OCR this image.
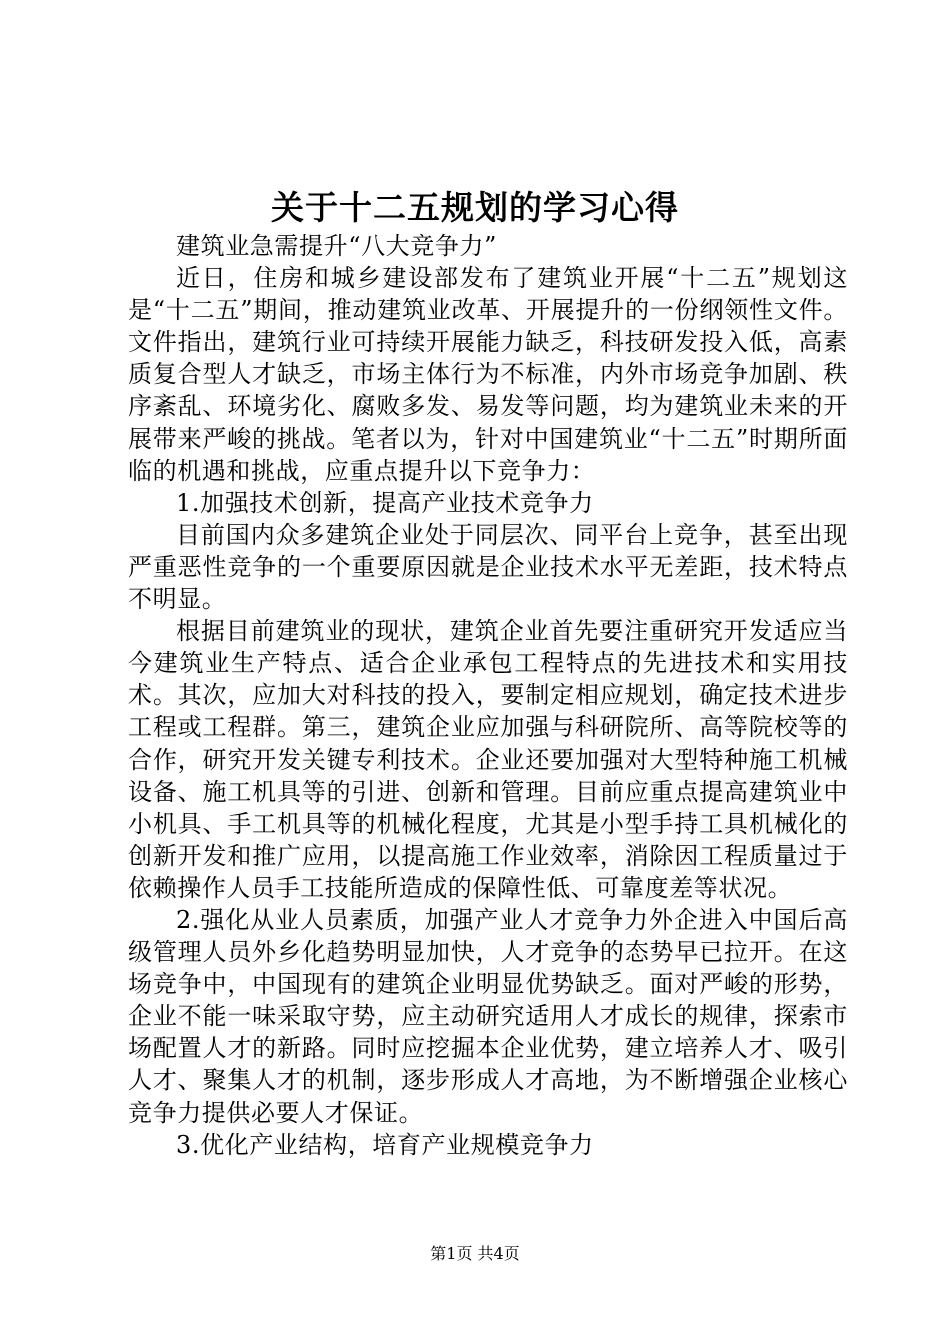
关于十二五规划的学习心得

建筑业急需提升“八大竞争力”

近日，住房和城乡建设部发布了建筑业开展“十二五”规划这是“十二五”期间，推动建筑业改革、开展提升的一份纲领性文件。文件指出，建筑行业可持续开展能力缺乏，科技研发投入低，高素质复合型人才缺乏，市场主体行为不标准，内外市场竞争加剧、秩序紊乱、环境劣化、腐败多发、易发等问题，均为建筑业未来的开展带来严峻的挑战。笔者以为，针对中国建筑业“十二五”时期所面临的机遇和挑战，应重点提升以下竞争力：

1.加强技术创新，提高产业技术竞争力

目前国内众多建筑企业处于同层次、同平台上竞争，甚至出现严重恶性竞争的一个重要原因就是企业技术水平无差距，技术特点不明显。

根据目前建筑业的现状，建筑企业首先要注重研究开发适应当今建筑业生产特点、适合企业承包工程特点的先进技术和实用技术。其次，应加大对科技的投入，要制定相应规划，确定技术进步工程或工程群。第三，建筑企业应加强与科研院所、高等院校等的合作，研究开发关键专利技术。企业还要加强对大型特种施工机械设备、施工机具等的引进、创新和管理。目前应重点提高建筑业中小机具、手工机具等的机械化程度，尤其是小型手持工具机械化的创新开发和推广应用，以提高施工作业效率，消除因工程质量过于依赖操作人员手工技能所造成的保障性低、可靠度差等状况。

2.强化从业人员素质，加强产业人才竞争力外企进入中国后高级管理人员外乡化趋势明显加快，人才竞争的态势早已拉开。在这场竞争中，中国现有的建筑企业明显优势缺乏。面对严峻的形势，企业不能一味采取守势，应主动研究适用人才成长的规律，探索市场配置人才的新路。同时应挖掘本企业优势，建立培养人才、吸引人才、聚集人才的机制，逐步形成人才高地，为不断增强企业核心竞争力提供必要人才保证。

3.优化产业结构，培育产业规模竞争力

第1页 共4页
